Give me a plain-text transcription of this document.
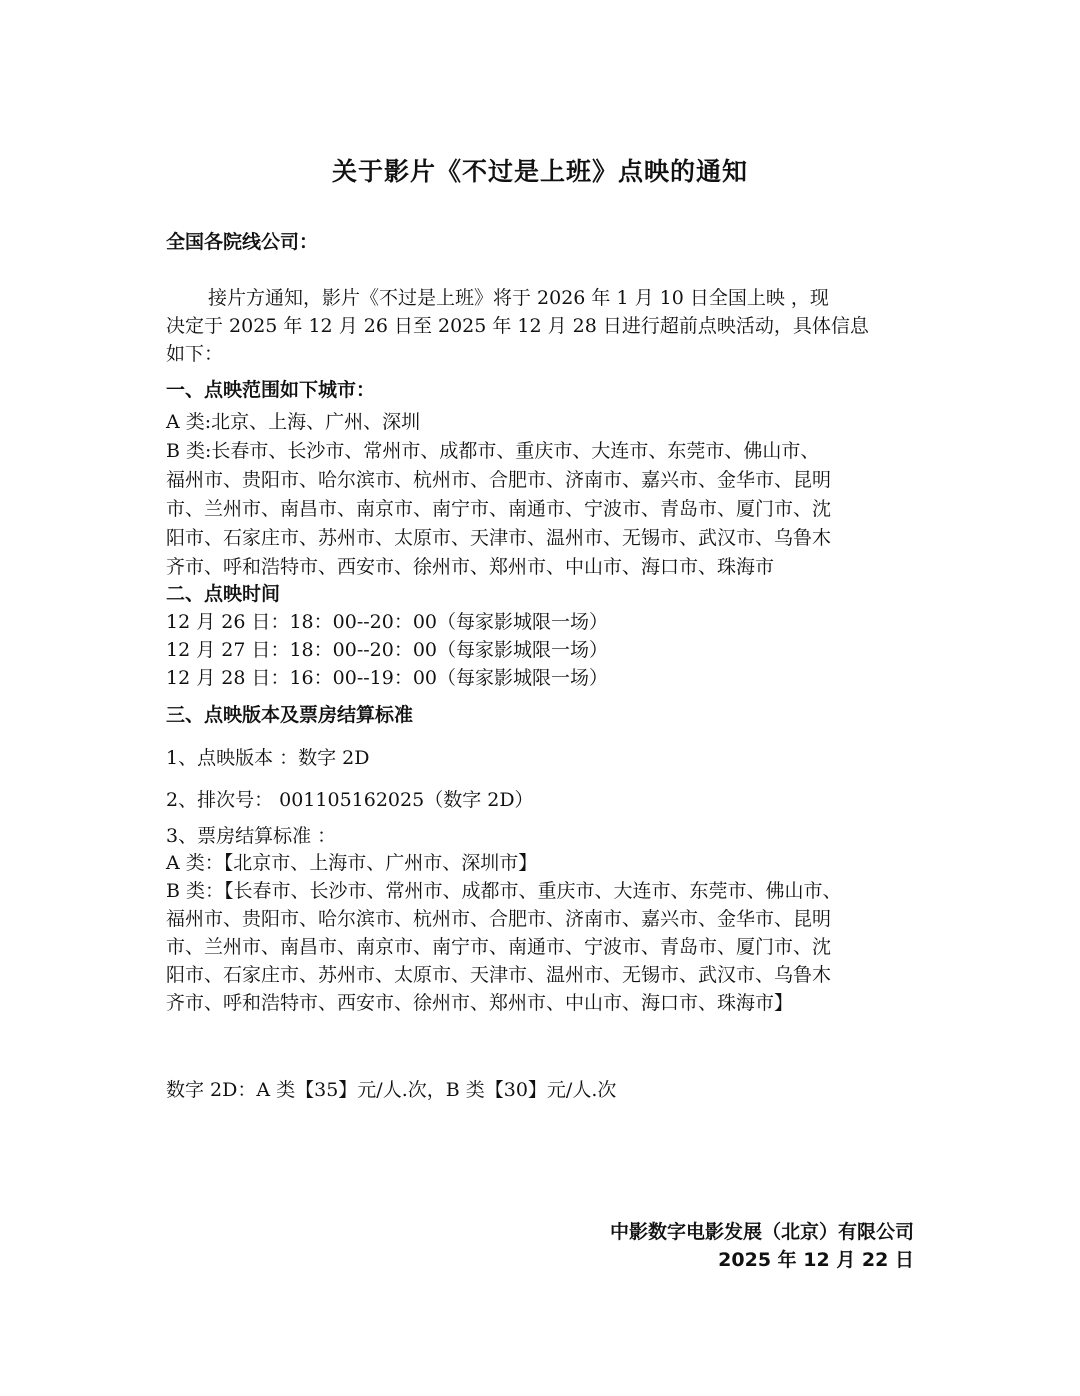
关于影片《不过是上班》点映的通知
全国各院线公司：
接片方通知，影片《不过是上班》将于 2026 年 1 月 10 日全国上映 ，现
决定于 2025 年 12 月 26 日至 2025 年 12 月 28 日进行超前点映活动，具体信息
如下：
一、点映范围如下城市：
A 类:北京、上海、广州、深圳
B 类:长春市、长沙市、常州市、成都市、重庆市、大连市、东莞市、佛山市、
福州市、贵阳市、哈尔滨市、杭州市、合肥市、济南市、嘉兴市、金华市、昆明
市、兰州市、南昌市、南京市、南宁市、南通市、宁波市、青岛市、厦门市、沈
阳市、石家庄市、苏州市、太原市、天津市、温州市、无锡市、武汉市、乌鲁木
齐市、呼和浩特市、西安市、徐州市、郑州市、中山市、海口市、珠海市
二、点映时间
12 月 26 日：18：00--20：00（每家影城限一场）
12 月 27 日：18：00--20：00（每家影城限一场）
12 月 28 日：16：00--19：00（每家影城限一场）
三、点映版本及票房结算标准
1、点映版本 ：数字 2D
2、排次号： 001105162025（数字 2D）
3、票房结算标准 ：
A 类：【北京市、上海市、广州市、深圳市】
B 类：【长春市、长沙市、常州市、成都市、重庆市、大连市、东莞市、佛山市、
福州市、贵阳市、哈尔滨市、杭州市、合肥市、济南市、嘉兴市、金华市、昆明
市、兰州市、南昌市、南京市、南宁市、南通市、宁波市、青岛市、厦门市、沈
阳市、石家庄市、苏州市、太原市、天津市、温州市、无锡市、武汉市、乌鲁木
齐市、呼和浩特市、西安市、徐州市、郑州市、中山市、海口市、珠海市】
数字 2D：A 类【35】元/人.次，B 类【30】元/人.次
中影数字电影发展（北京）有限公司
2025 年 12 月 22 日
